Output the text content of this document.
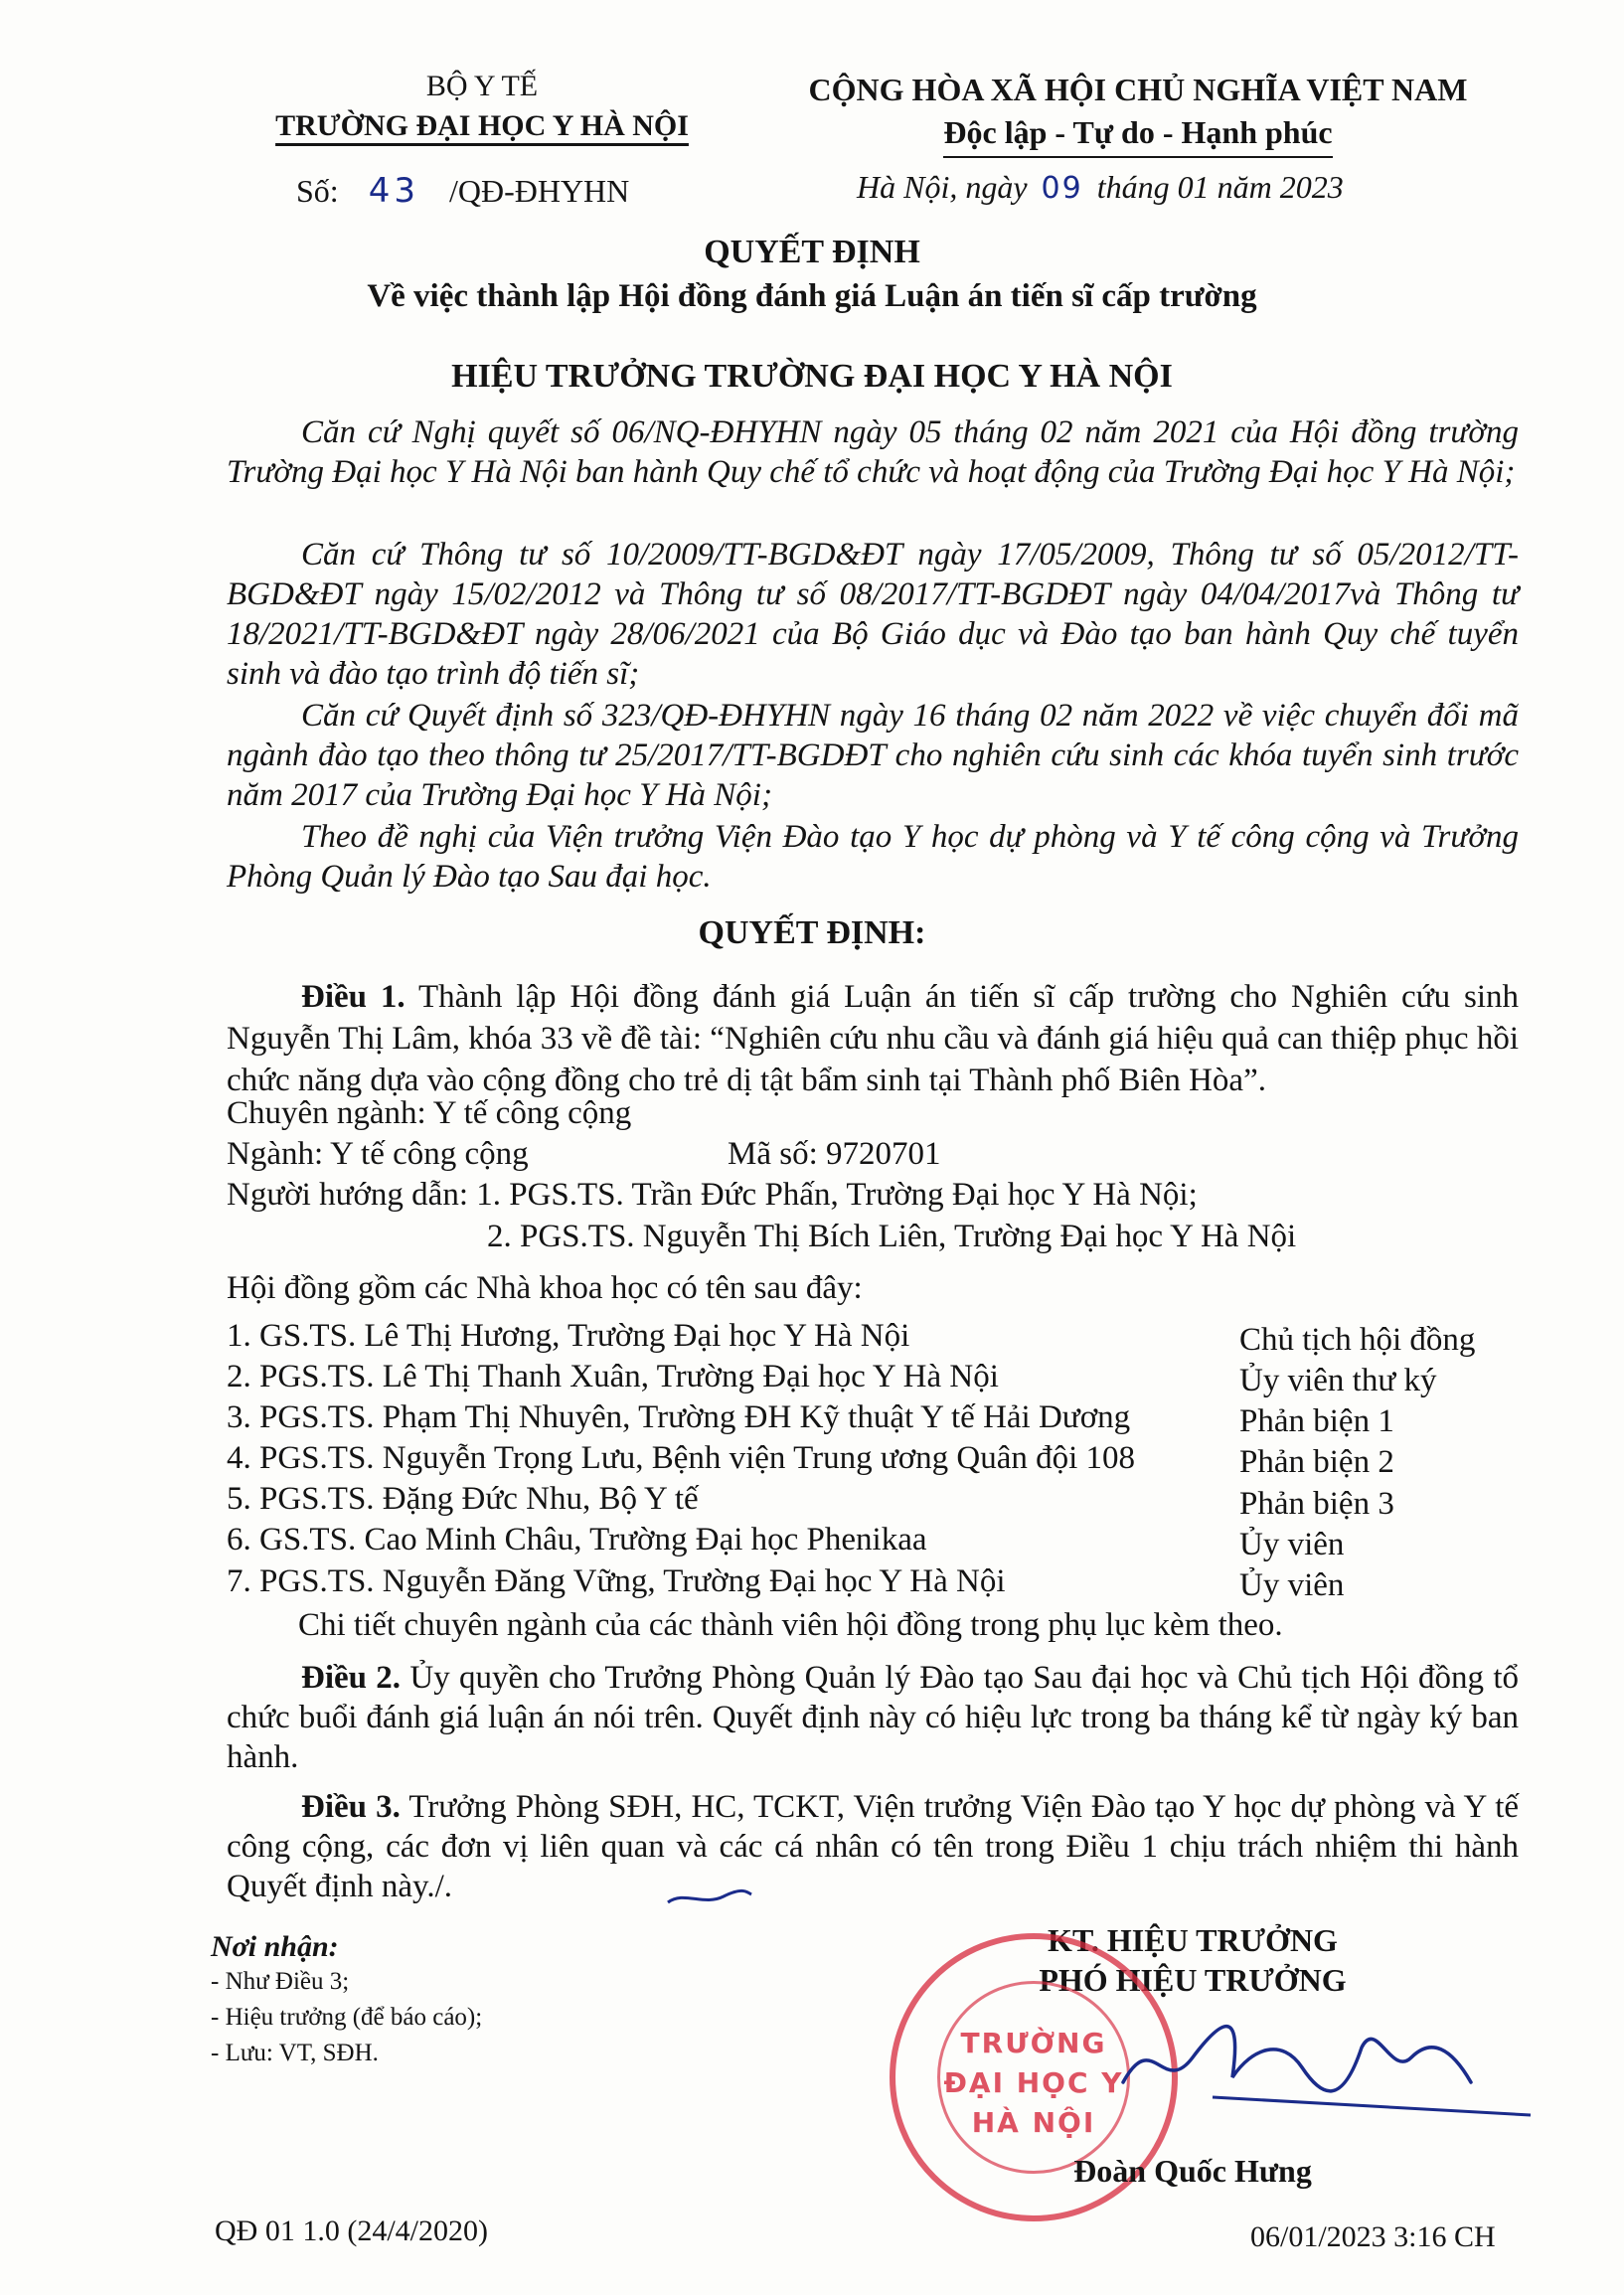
BỘ Y TẾ
TRƯỜNG ĐẠI HỌC Y HÀ NỘI
Số: 43 /QĐ-ĐHYHN
CỘNG HÒA XÃ HỘI CHỦ NGHĨA VIỆT NAM
Độc lập - Tự do - Hạnh phúc
Hà Nội, ngày 09 tháng 01 năm 2023
QUYẾT ĐỊNH
Về việc thành lập Hội đồng đánh giá Luận án tiến sĩ cấp trường
HIỆU TRƯỞNG TRƯỜNG ĐẠI HỌC Y HÀ NỘI
Căn cứ Nghị quyết số 06/NQ-ĐHYHN ngày 05 tháng 02 năm 2021 của Hội đồng trường Trường Đại học Y Hà Nội ban hành Quy chế tổ chức và hoạt động của Trường Đại học Y Hà Nội;
Căn cứ Thông tư số 10/2009/TT-BGD&ĐT ngày 17/05/2009, Thông tư số 05/2012/TT-BGD&ĐT ngày 15/02/2012 và Thông tư số 08/2017/TT-BGDĐT ngày 04/04/2017và Thông tư 18/2021/TT-BGD&ĐT ngày 28/06/2021 của Bộ Giáo dục và Đào tạo ban hành Quy chế tuyển sinh và đào tạo trình độ tiến sĩ;
Căn cứ Quyết định số 323/QĐ-ĐHYHN ngày 16 tháng 02 năm 2022 về việc chuyển đổi mã ngành đào tạo theo thông tư 25/2017/TT-BGDĐT cho nghiên cứu sinh các khóa tuyển sinh trước năm 2017 của Trường Đại học Y Hà Nội;
Theo đề nghị của Viện trưởng Viện Đào tạo Y học dự phòng và Y tế công cộng và Trưởng Phòng Quản lý Đào tạo Sau đại học.
QUYẾT ĐỊNH:
Điều 1. Thành lập Hội đồng đánh giá Luận án tiến sĩ cấp trường cho Nghiên cứu sinh Nguyễn Thị Lâm, khóa 33 về đề tài: “Nghiên cứu nhu cầu và đánh giá hiệu quả can thiệp phục hồi chức năng dựa vào cộng đồng cho trẻ dị tật bẩm sinh tại Thành phố Biên Hòa”.
Chuyên ngành: Y tế công cộng
Ngành: Y tế công cộng	Mã số: 9720701
Người hướng dẫn: 1. PGS.TS. Trần Đức Phấn, Trường Đại học Y Hà Nội;
2. PGS.TS. Nguyễn Thị Bích Liên, Trường Đại học Y Hà Nội
Hội đồng gồm các Nhà khoa học có tên sau đây:
1. GS.TS. Lê Thị Hương, Trường Đại học Y Hà Nội	Chủ tịch hội đồng
2. PGS.TS. Lê Thị Thanh Xuân, Trường Đại học Y Hà Nội	Ủy viên thư ký
3. PGS.TS. Phạm Thị Nhuyên, Trường ĐH Kỹ thuật Y tế Hải Dương	Phản biện 1
4. PGS.TS. Nguyễn Trọng Lưu, Bệnh viện Trung ương Quân đội 108	Phản biện 2
5. PGS.TS. Đặng Đức Nhu, Bộ Y tế	Phản biện 3
6. GS.TS. Cao Minh Châu, Trường Đại học Phenikaa	Ủy viên
7. PGS.TS. Nguyễn Đăng Vững, Trường Đại học Y Hà Nội	Ủy viên
Chi tiết chuyên ngành của các thành viên hội đồng trong phụ lục kèm theo.
Điều 2. Ủy quyền cho Trưởng Phòng Quản lý Đào tạo Sau đại học và Chủ tịch Hội đồng tổ chức buổi đánh giá luận án nói trên. Quyết định này có hiệu lực trong ba tháng kể từ ngày ký ban hành.
Điều 3. Trưởng Phòng SĐH, HC, TCKT, Viện trưởng Viện Đào tạo Y học dự phòng và Y tế công cộng, các đơn vị liên quan và các cá nhân có tên trong Điều 1 chịu trách nhiệm thi hành Quyết định này./.
Nơi nhận:
- Như Điều 3;
- Hiệu trưởng (để báo cáo);
- Lưu: VT, SĐH.
KT. HIỆU TRƯỞNG
PHÓ HIỆU TRƯỞNG
TRƯỜNG
ĐẠI HỌC Y
HÀ NỘI
Đoàn Quốc Hưng
QĐ 01 1.0 (24/4/2020)	06/01/2023 3:16 CH
